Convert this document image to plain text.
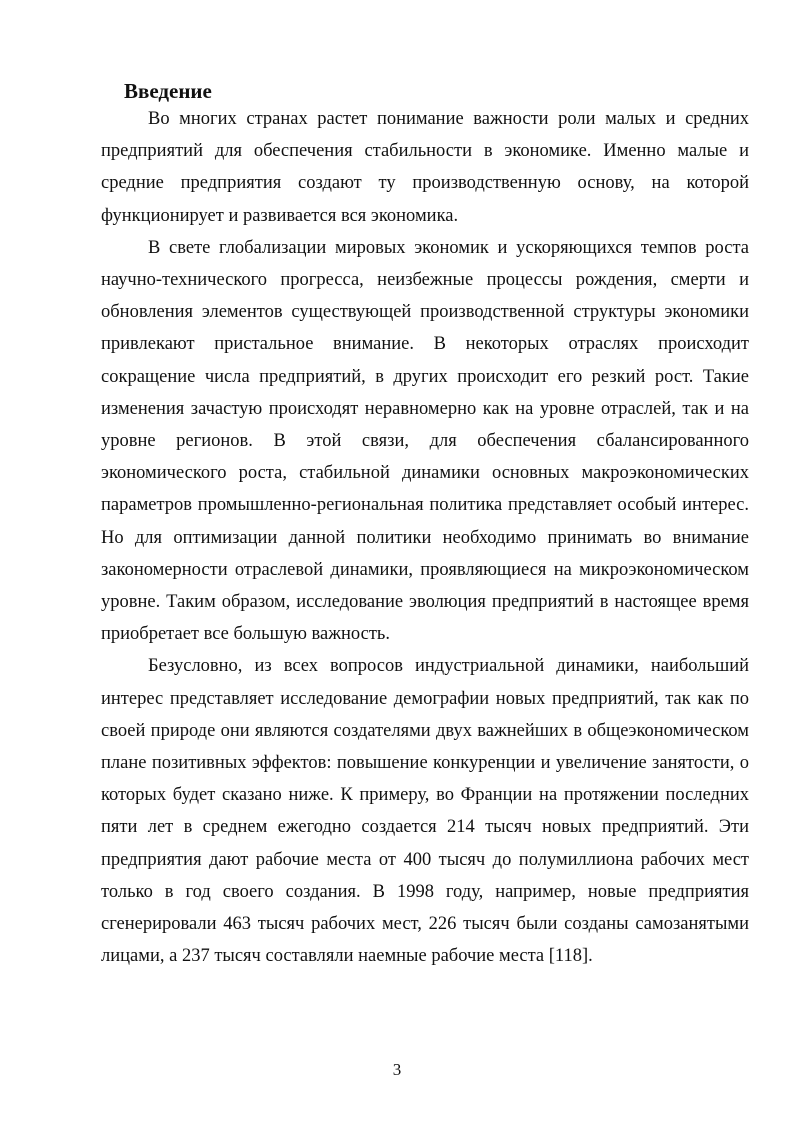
Введение

Во многих странах растет понимание важности роли малых и средних предприятий для обеспечения стабильности в экономике. Именно малые и средние предприятия создают ту производственную основу, на которой функционирует и развивается вся экономика.

В свете глобализации мировых экономик и ускоряющихся темпов роста научно-технического прогресса, неизбежные процессы рождения, смерти и обновления элементов существующей производственной структуры экономики привлекают пристальное внимание. В некоторых отраслях происходит сокращение числа предприятий, в других происходит его резкий рост. Такие изменения зачастую происходят неравномерно как на уровне отраслей, так и на уровне регионов. В этой связи, для обеспечения сбалансированного экономического роста, стабильной динамики основных макроэкономических параметров промышленно-региональная политика представляет особый интерес. Но для оптимизации данной политики необходимо принимать во внимание закономерности отраслевой динамики, проявляющиеся на микроэкономическом уровне. Таким образом, исследование эволюция предприятий в настоящее время приобретает все большую важность.

Безусловно, из всех вопросов индустриальной динамики, наибольший интерес представляет исследование демографии новых предприятий, так как по своей природе они являются создателями двух важнейших в общеэкономическом плане позитивных эффектов: повышение конкуренции и увеличение занятости, о которых будет сказано ниже. К примеру, во Франции на протяжении последних пяти лет в среднем ежегодно создается 214 тысяч новых предприятий. Эти предприятия дают рабочие места от 400 тысяч до полумиллиона рабочих мест только в год своего создания. В 1998 году, например, новые предприятия сгенерировали 463 тысяч рабочих мест, 226 тысяч были созданы самозанятыми лицами, а 237 тысяч составляли наемные рабочие места [118].

3
